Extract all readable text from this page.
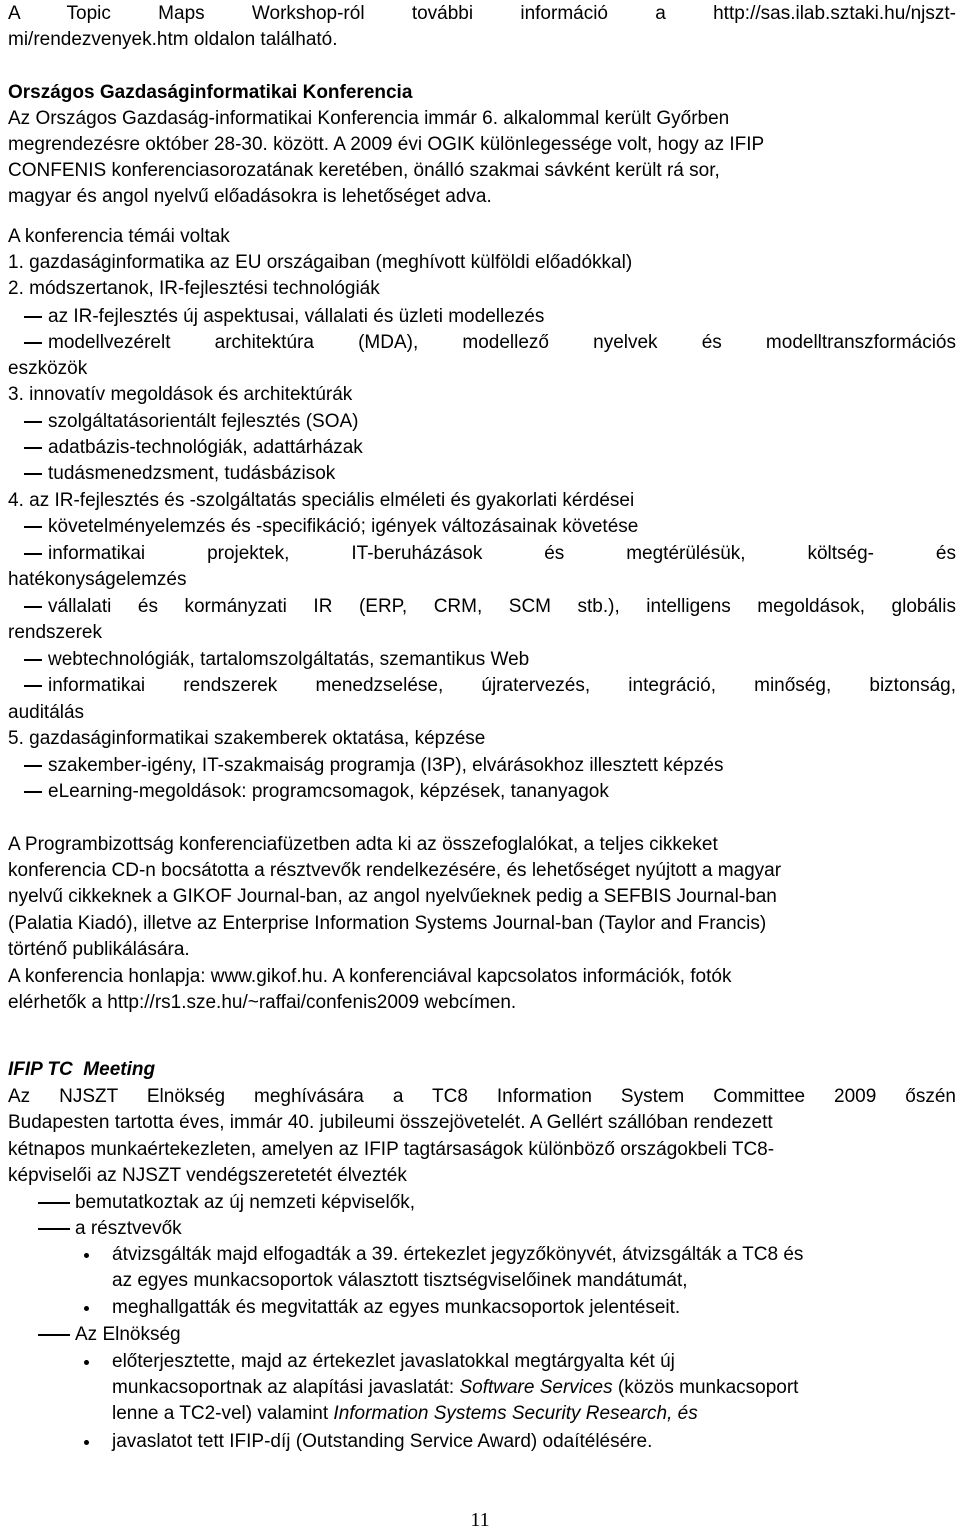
A Topic Maps Workshop-ról további információ a http://sas.ilab.sztaki.hu/njszt-
mi/rendezvenyek.htm oldalon található.
Országos Gazdaságinformatikai Konferencia
Az Országos Gazdaság-informatikai Konferencia immár 6. alkalommal került Győrben
megrendezésre október 28-30. között. A 2009 évi OGIK különlegessége volt, hogy az IFIP
CONFENIS konferenciasorozatának keretében, önálló szakmai sávként került rá sor,
magyar és angol nyelvű előadásokra is lehetőséget adva.
A konferencia témái voltak
1. gazdaságinformatika az EU országaiban (meghívott külföldi előadókkal)
2. módszertanok, IR-fejlesztési technológiák
az IR-fejlesztés új aspektusai, vállalati és üzleti modellezés
modellvezérelt architektúra (MDA), modellező nyelvek és modelltranszformációs
eszközök
3. innovatív megoldások és architektúrák
szolgáltatásorientált fejlesztés (SOA)
adatbázis-technológiák, adattárházak
tudásmenedzsment, tudásbázisok
4. az IR-fejlesztés és -szolgáltatás speciális elméleti és gyakorlati kérdései
követelményelemzés és -specifikáció; igények változásainak követése
informatikai projektek, IT-beruházások és megtérülésük, költség- és
hatékonyságelemzés
vállalati és kormányzati IR (ERP, CRM, SCM stb.), intelligens megoldások, globális
rendszerek
webtechnológiák, tartalomszolgáltatás, szemantikus Web
informatikai rendszerek menedzselése, újratervezés, integráció, minőség, biztonság,
auditálás
5. gazdaságinformatikai szakemberek oktatása, képzése
szakember-igény, IT-szakmaiság programja (I3P), elvárásokhoz illesztett képzés
eLearning-megoldások: programcsomagok, képzések, tananyagok
A Programbizottság konferenciafüzetben adta ki az összefoglalókat, a teljes cikkeket
konferencia CD-n bocsátotta a résztvevők rendelkezésére, és lehetőséget nyújtott a magyar
nyelvű cikkeknek a GIKOF Journal-ban, az angol nyelvűeknek pedig a SEFBIS Journal-ban
(Palatia Kiadó), illetve az Enterprise Information Systems Journal-ban (Taylor and Francis)
történő publikálására.
A konferencia honlapja: www.gikof.hu. A konferenciával kapcsolatos információk, fotók
elérhetők a http://rs1.sze.hu/~raffai/confenis2009 webcímen.
IFIP TC  Meeting
Az NJSZT Elnökség meghívására a TC8 Information System Committee 2009 őszén
Budapesten tartotta éves, immár 40. jubileumi összejövetelét. A Gellért szállóban rendezett
kétnapos munkaértekezleten, amelyen az IFIP tagtársaságok különböző országokbeli TC8-
képviselői az NJSZT vendégszeretetét élvezték
bemutatkoztak az új nemzeti képviselők,
a résztvevők
átvizsgálták majd elfogadták a 39. értekezlet jegyzőkönyvét, átvizsgálták a TC8 és
az egyes munkacsoportok választott tisztségviselőinek mandátumát,
meghallgatták és megvitatták az egyes munkacsoportok jelentéseit.
Az Elnökség
előterjesztette, majd az értekezlet javaslatokkal megtárgyalta két új
munkacsoportnak az alapítási javaslatát: Software Services (közös munkacsoport
lenne a TC2-vel) valamint Information Systems Security Research, és
javaslatot tett IFIP-díj (Outstanding Service Award) odaítélésére.
11
